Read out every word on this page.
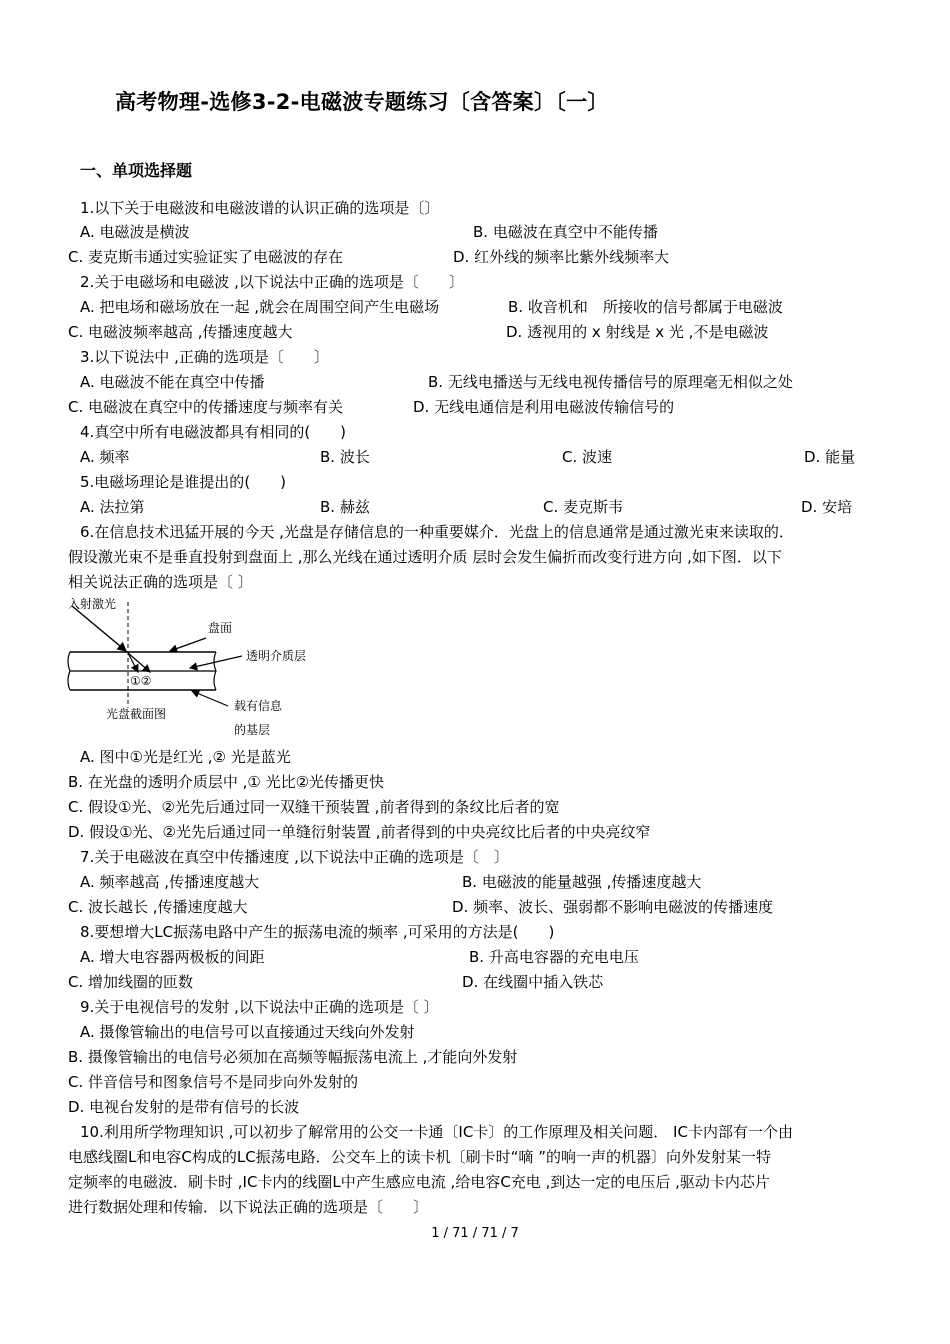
高考物理-选修3-2-电磁波专题练习〔含答案〕〔一〕
一、单项选择题
1.以下关于电磁波和电磁波谱的认识正确的选项是〔〕
A. 电磁波是横波	B. 电磁波在真空中不能传播
C. 麦克斯韦通过实验证实了电磁波的存在	D. 红外线的频率比紫外线频率大
2.关于电磁场和电磁波 ,以下说法中正确的选项是〔　　〕
A. 把电场和磁场放在一起 ,就会在周围空间产生电磁场	B. 收音机和　所接收的信号都属于电磁波
C. 电磁波频率越高 ,传播速度越大	D. 透视用的 x 射线是 x 光 ,不是电磁波
3.以下说法中 ,正确的选项是〔　　〕
A. 电磁波不能在真空中传播	B. 无线电播送与无线电视传播信号的原理毫无相似之处
C. 电磁波在真空中的传播速度与频率有关	D. 无线电通信是利用电磁波传输信号的
4.真空中所有电磁波都具有相同的(　　)
A. 频率	B. 波长	C. 波速	D. 能量
5.电磁场理论是谁提出的(　　)
A. 法拉第	B. 赫兹	C. 麦克斯韦	D. 安培
6.在信息技术迅猛开展的今天 ,光盘是存储信息的一种重要媒介．光盘上的信息通常是通过激光束来读取的．
假设激光束不是垂直投射到盘面上 ,那么光线在通过透明介质 层时会发生偏折而改变行进方向 ,如下图．以下
相关说法正确的选项是〔 〕
①②
入射激光
盘面
透明介质层
载有信息
的基层
光盘截面图
A. 图中①光是红光 ,② 光是蓝光
B. 在光盘的透明介质层中 ,① 光比②光传播更快
C. 假设①光、②光先后通过同一双缝干预装置 ,前者得到的条纹比后者的宽
D. 假设①光、②光先后通过同一单缝衍射装置 ,前者得到的中央亮纹比后者的中央亮纹窄
7.关于电磁波在真空中传播速度 ,以下说法中正确的选项是〔　〕
A. 频率越高 ,传播速度越大	B. 电磁波的能量越强 ,传播速度越大
C. 波长越长 ,传播速度越大	D. 频率、波长、强弱都不影响电磁波的传播速度
8.要想增大LC振荡电路中产生的振荡电流的频率 ,可采用的方法是(　　)
A. 增大电容器两极板的间距	B. 升高电容器的充电电压
C. 增加线圈的匝数	D. 在线圈中插入铁芯
9.关于电视信号的发射 ,以下说法中正确的选项是〔 〕
A. 摄像管输出的电信号可以直接通过天线向外发射
B. 摄像管输出的电信号必须加在高频等幅振荡电流上 ,才能向外发射
C. 伴音信号和图象信号不是同步向外发射的
D. 电视台发射的是带有信号的长波
10.利用所学物理知识 ,可以初步了解常用的公交一卡通〔IC卡〕的工作原理及相关问题． IC卡内部有一个由
电感线圈L和电容C构成的LC振荡电路．公交车上的读卡机〔刷卡时“嘀 ”的响一声的机器〕向外发射某一特
定频率的电磁波．刷卡时 ,IC卡内的线圈L中产生感应电流 ,给电容C充电 ,到达一定的电压后 ,驱动卡内芯片
进行数据处理和传输．以下说法正确的选项是〔　　〕
1 / 71 / 71 / 7
